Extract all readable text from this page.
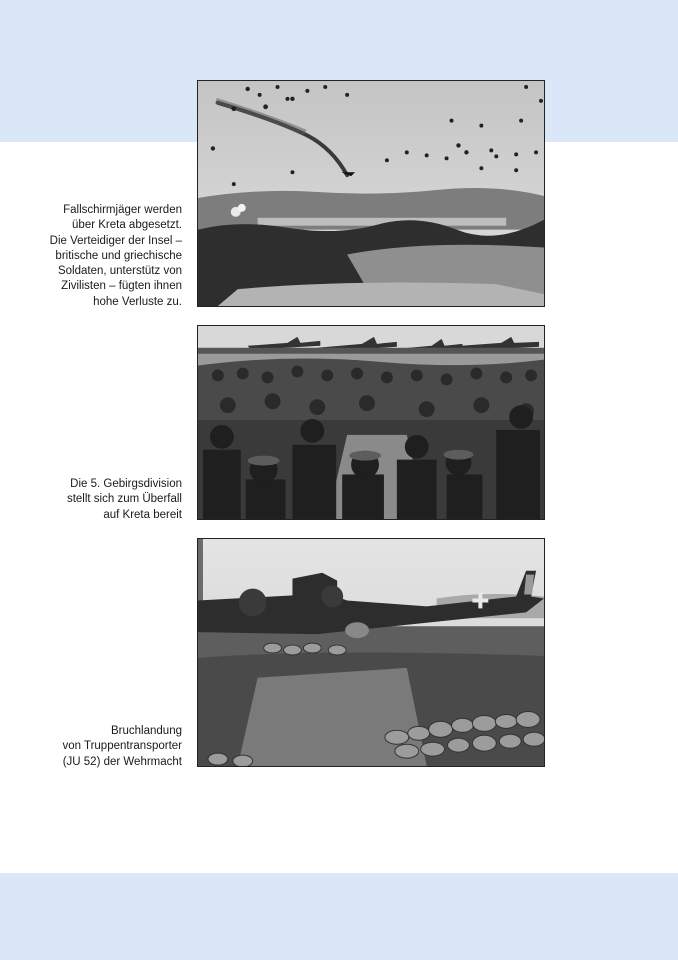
Fallschirmjäger werden
über Kreta abgesetzt.
Die Verteidiger der Insel –
britische und griechische
Soldaten, unterstütz von
Zivilisten – fügten ihnen
hohe Verluste zu.
Die 5. Gebirgsdivision
stellt sich zum Überfall
auf Kreta bereit
Bruchlandung
von Truppentransporter
(JU 52) der Wehrmacht
